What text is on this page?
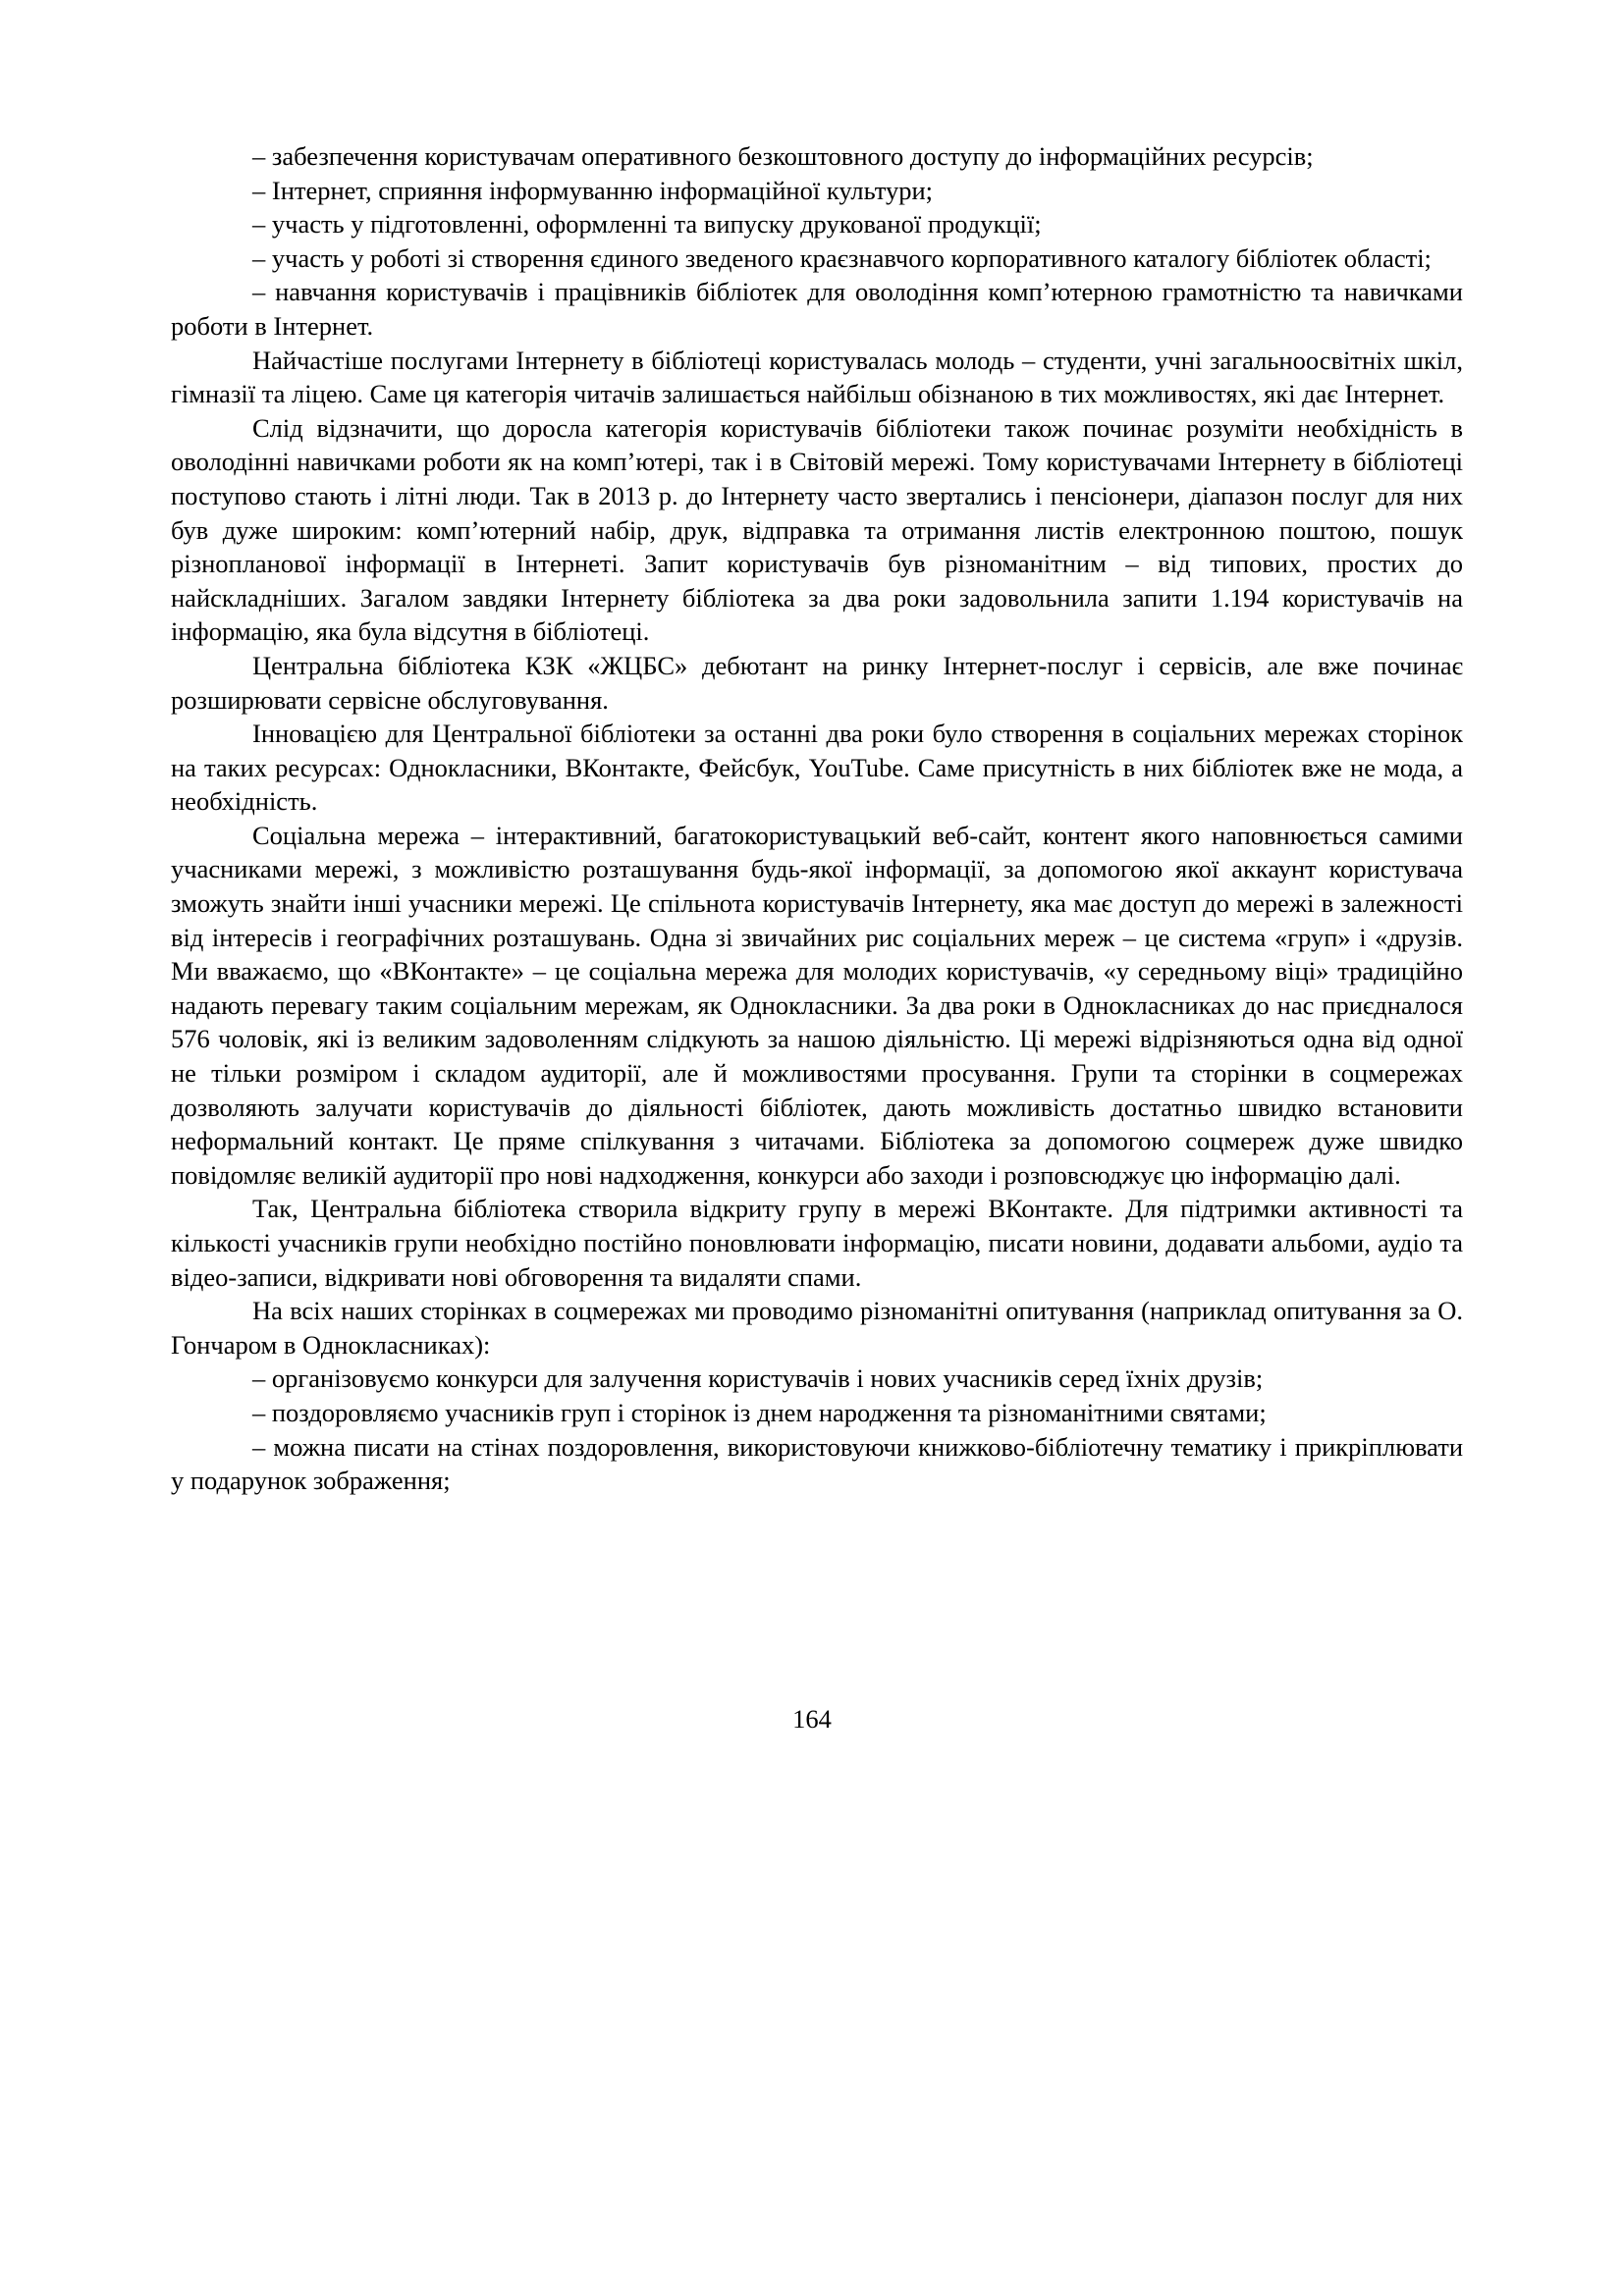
– забезпечення користувачам оперативного безкоштовного доступу до інформаційних ресурсів;

– Інтернет, сприяння інформуванню інформаційної культури;

– участь у підготовленні, оформленні та випуску друкованої продукції;

– участь у роботі зі створення єдиного зведеного краєзнавчого корпоративного каталогу бібліотек області;

– навчання користувачів і працівників бібліотек для оволодіння комп’ютерною грамотністю та навичками роботи в Інтернет.

Найчастіше послугами Інтернету в бібліотеці користувалась молодь – студенти, учні загальноосвітніх шкіл, гімназії та ліцею. Саме ця категорія читачів залишається найбільш обізнаною в тих можливостях, які дає Інтернет.

Слід відзначити, що доросла категорія користувачів бібліотеки також починає розуміти необхідність в оволодінні навичками роботи як на комп’ютері, так і в Світовій мережі. Тому користувачами Інтернету в бібліотеці поступово стають і літні люди. Так в 2013 р. до Інтернету часто звертались і пенсіонери, діапазон послуг для них був дуже широким: комп’ютерний набір, друк, відправка та отримання листів електронною поштою, пошук різнопланової інформації в Інтернеті. Запит користувачів був різноманітним – від типових, простих до найскладніших. Загалом завдяки Інтернету бібліотека за два роки задовольнила запити 1.194 користувачів на інформацію, яка була відсутня в бібліотеці.

Центральна бібліотека КЗК «ЖЦБС» дебютант на ринку Інтернет-послуг і сервісів, але вже починає розширювати сервісне обслуговування.

Інновацією для Центральної бібліотеки за останні два роки було створення в соціальних мережах сторінок на таких ресурсах: Однокласники, ВКонтакте, Фейсбук, YouTube. Саме присутність в них бібліотек вже не мода, а необхідність.

Соціальна мережа – інтерактивний, багатокористувацький веб-сайт, контент якого наповнюється самими учасниками мережі, з можливістю розташування будь-якої інформації, за допомогою якої аккаунт користувача зможуть знайти інші учасники мережі. Це спільнота користувачів Інтернету, яка має доступ до мережі в залежності від інтересів і географічних розташувань. Одна зі звичайних рис соціальних мереж – це система «груп» і «друзів. Ми вважаємо, що «ВКонтакте» – це соціальна мережа для молодих користувачів, «у середньому віці» традиційно надають перевагу таким соціальним мережам, як Однокласники. За два роки в Однокласниках до нас приєдналося 576 чоловік, які із великим задоволенням слідкують за нашою діяльністю. Ці мережі відрізняються одна від одної не тільки розміром і складом аудиторії, але й можливостями просування. Групи та сторінки в соцмережах дозволяють залучати користувачів до діяльності бібліотек, дають можливість достатньо швидко встановити неформальний контакт. Це пряме спілкування з читачами. Бібліотека за допомогою соцмереж дуже швидко повідомляє великій аудиторії про нові надходження, конкурси або заходи і розповсюджує цю інформацію далі.

Так, Центральна бібліотека створила відкриту групу в мережі ВКонтакте. Для підтримки активності та кількості учасників групи необхідно постійно поновлювати інформацію, писати новини, додавати альбоми, аудіо та відео-записи, відкривати нові обговорення та видаляти спами.

На всіх наших сторінках в соцмережах ми проводимо різноманітні опитування (наприклад опитування за О. Гончаром в Однокласниках):

– організовуємо конкурси для залучення користувачів і нових учасників серед їхніх друзів;

– поздоровляємо учасників груп і сторінок із днем народження та різноманітними святами;

– можна писати на стінах поздоровлення, використовуючи книжково-бібліотечну тематику і прикріплювати у подарунок зображення;

164
